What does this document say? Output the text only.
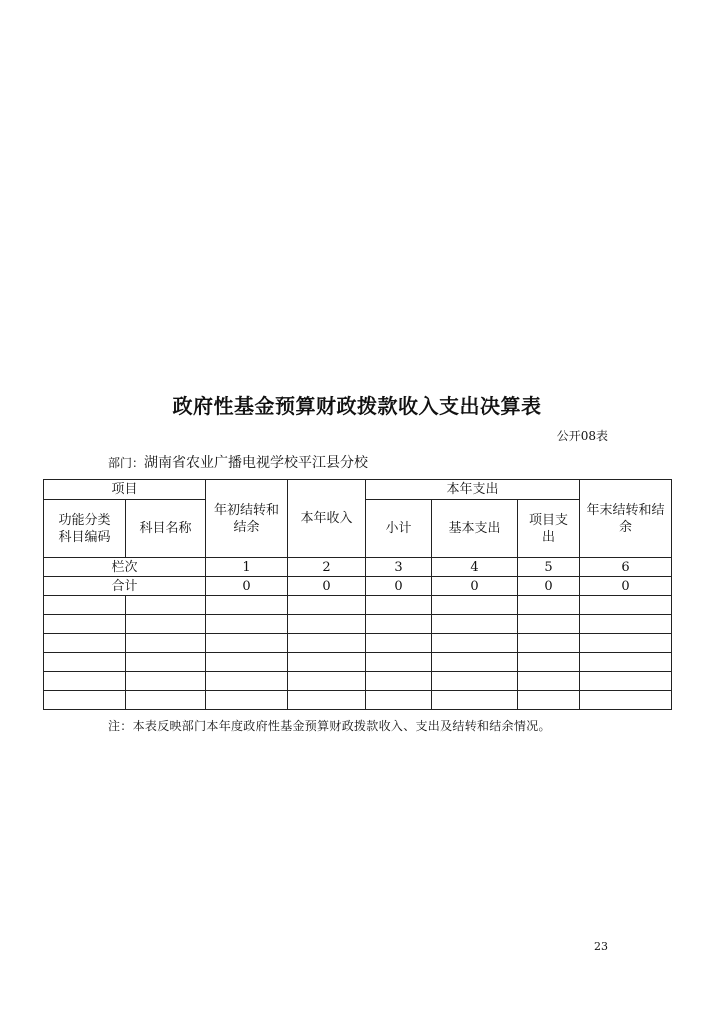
政府性基金预算财政拨款收入支出决算表
公开08表
部门：湖南省农业广播电视学校平江县分校
项目		年初结转和结余	本年收入	本年支出			年末结转和结余
功能分类科目编码	科目名称			小计	基本支出	项目支出	
栏次		1	2	3	4	5	6
合计		0	0	0	0	0	0

注：本表反映部门本年度政府性基金预算财政拨款收入、支出及结转和结余情况。
23
